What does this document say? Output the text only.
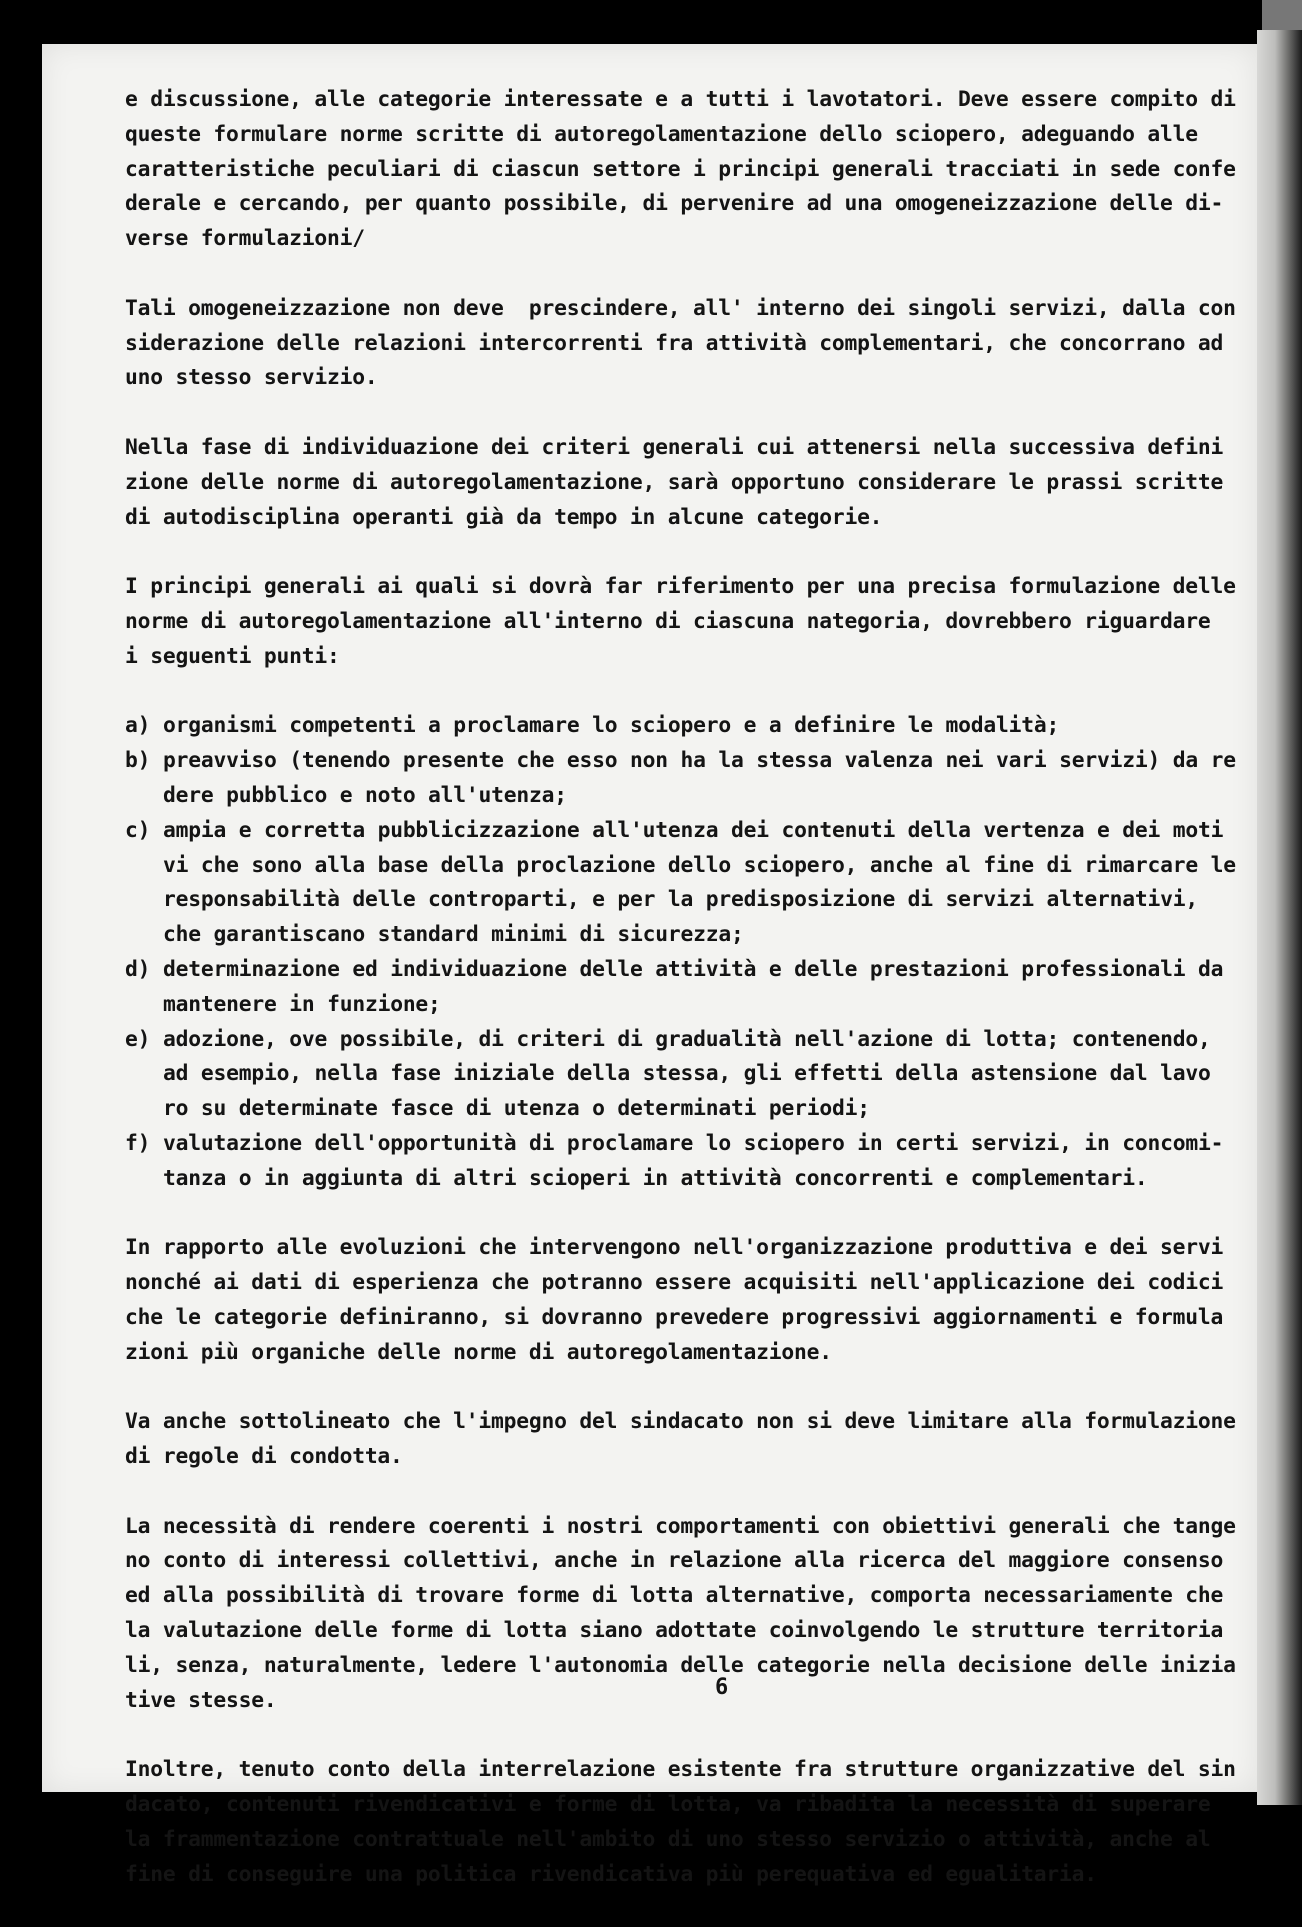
e discussione, alle categorie interessate e a tutti i lavotatori. Deve essere compito di
queste formulare norme scritte di autoregolamentazione dello sciopero, adeguando alle
caratteristiche peculiari di ciascun settore i principi generali tracciati in sede confe
derale e cercando, per quanto possibile, di pervenire ad una omogeneizzazione delle di-
verse formulazioni/
Tali omogeneizzazione non deve  prescindere, all' interno dei singoli servizi, dalla con
siderazione delle relazioni intercorrenti fra attività complementari, che concorrano ad
uno stesso servizio.
Nella fase di individuazione dei criteri generali cui attenersi nella successiva defini
zione delle norme di autoregolamentazione, sarà opportuno considerare le prassi scritte
di autodisciplina operanti già da tempo in alcune categorie.
I principi generali ai quali si dovrà far riferimento per una precisa formulazione delle
norme di autoregolamentazione all'interno di ciascuna nategoria, dovrebbero riguardare
i seguenti punti:
a) organismi competenti a proclamare lo sciopero e a definire le modalità;
b) preavviso (tenendo presente che esso non ha la stessa valenza nei vari servizi) da re
dere pubblico e noto all'utenza;
c) ampia e corretta pubblicizzazione all'utenza dei contenuti della vertenza e dei moti
vi che sono alla base della proclazione dello sciopero, anche al fine di rimarcare le
responsabilità delle controparti, e per la predisposizione di servizi alternativi,
che garantiscano standard minimi di sicurezza;
d) determinazione ed individuazione delle attività e delle prestazioni professionali da
mantenere in funzione;
e) adozione, ove possibile, di criteri di gradualità nell'azione di lotta; contenendo,
ad esempio, nella fase iniziale della stessa, gli effetti della astensione dal lavo
ro su determinate fasce di utenza o determinati periodi;
f) valutazione dell'opportunità di proclamare lo sciopero in certi servizi, in concomi-
tanza o in aggiunta di altri scioperi in attività concorrenti e complementari.
In rapporto alle evoluzioni che intervengono nell'organizzazione produttiva e dei servi
nonché ai dati di esperienza che potranno essere acquisiti nell'applicazione dei codici
che le categorie definiranno, si dovranno prevedere progressivi aggiornamenti e formula
zioni più organiche delle norme di autoregolamentazione.
Va anche sottolineato che l'impegno del sindacato non si deve limitare alla formulazione
di regole di condotta.
La necessità di rendere coerenti i nostri comportamenti con obiettivi generali che tange
no conto di interessi collettivi, anche in relazione alla ricerca del maggiore consenso
ed alla possibilità di trovare forme di lotta alternative, comporta necessariamente che
la valutazione delle forme di lotta siano adottate coinvolgendo le strutture territoria
li, senza, naturalmente, ledere l'autonomia delle categorie nella decisione delle inizia
tive stesse.
Inoltre, tenuto conto della interrelazione esistente fra strutture organizzative del sin
dacato, contenuti rivendicativi e forme di lotta, va ribadita la necessità di superare
la frammentazione contrattuale nell'ambito di uno stesso servizio o attività, anche al
fine di conseguire una politica rivendicativa più perequativa ed egualitaria.
6
